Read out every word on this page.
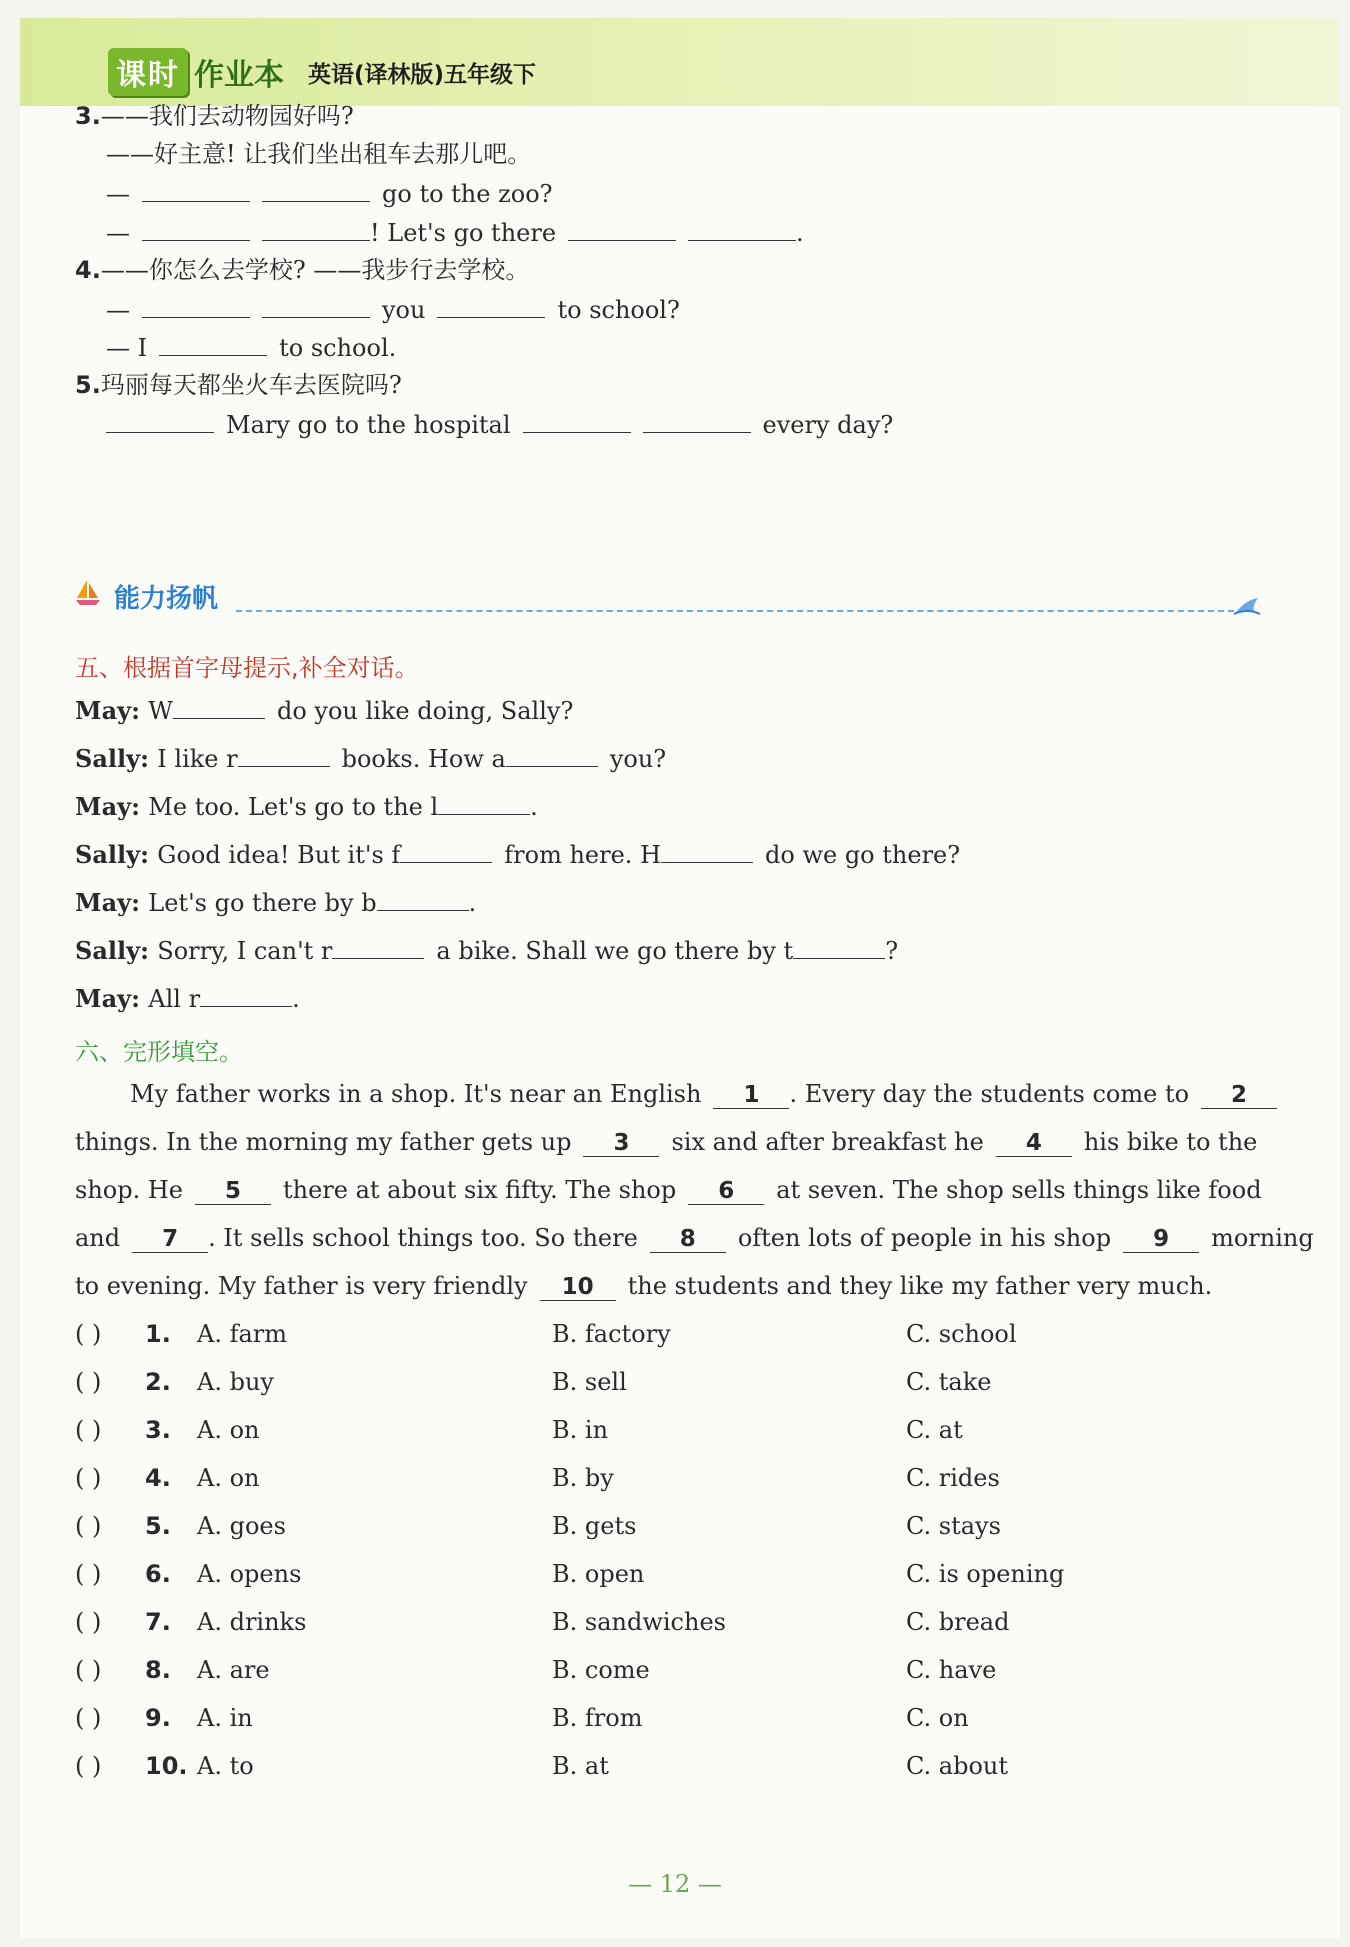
课时 作业本 英语(译林版)五年级下
3.——我们去动物园好吗?
——好主意! 让我们坐出租车去那儿吧。
—	go to the zoo?
—	! Let's go there	.
4.——你怎么去学校? ——我步行去学校。
—	you	to school?
— I	to school.
5.玛丽每天都坐火车去医院吗?
Mary go to the hospital	every day?
能力扬帆
五、根据首字母提示,补全对话。
May: W	do you like doing, Sally?
Sally: I like r	books. How a	you?
May: Me too. Let's go to the l	.
Sally: Good idea! But it's f	from here. H	do we go there?
May: Let's go there by b	.
Sally: Sorry, I can't r	a bike. Shall we go there by t	?
May: All r	.
六、完形填空。
My father works in a shop. It's near an English 1 . Every day the students come to 2
things. In the morning my father gets up 3 six and after breakfast he 4 his bike to the
shop. He 5 there at about six fifty. The shop 6 at seven. The shop sells things like food
and 7 . It sells school things too. So there 8 often lots of people in his shop 9 morning
to evening. My father is very friendly 10 the students and they like my father very much.
( ) 1. A. farm	B. factory	C. school
( ) 2. A. buy	B. sell	C. take
( ) 3. A. on	B. in	C. at
( ) 4. A. on	B. by	C. rides
( ) 5. A. goes	B. gets	C. stays
( ) 6. A. opens	B. open	C. is opening
( ) 7. A. drinks	B. sandwiches	C. bread
( ) 8. A. are	B. come	C. have
( ) 9. A. in	B. from	C. on
( ) 10. A. to	B. at	C. about
— 12 —
